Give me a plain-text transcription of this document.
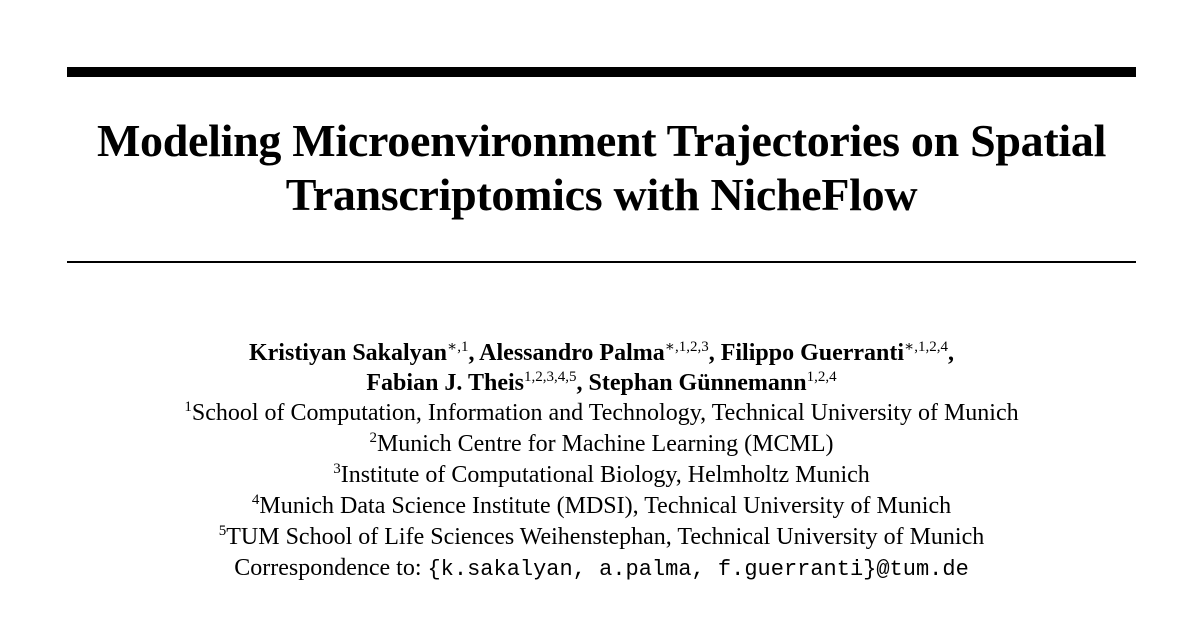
Modeling Microenvironment Trajectories on Spatial
Transcriptomics with NicheFlow
Kristiyan Sakalyan$^{∗,1}$, Alessandro Palma$^{∗,1,2,3}$, Filippo Guerranti$^{∗,1,2,4}$,
Fabian J. Theis$^{1,2,3,4,5}$, Stephan Günnemann$^{1,2,4}$
$^1$School of Computation, Information and Technology, Technical University of Munich
$^2$Munich Centre for Machine Learning (MCML)
$^3$Institute of Computational Biology, Helmholtz Munich
$^4$Munich Data Science Institute (MDSI), Technical University of Munich
$^5$TUM School of Life Sciences Weihenstephan, Technical University of Munich
Correspondence to: {k.sakalyan, a.palma, f.guerranti}@tum.de
